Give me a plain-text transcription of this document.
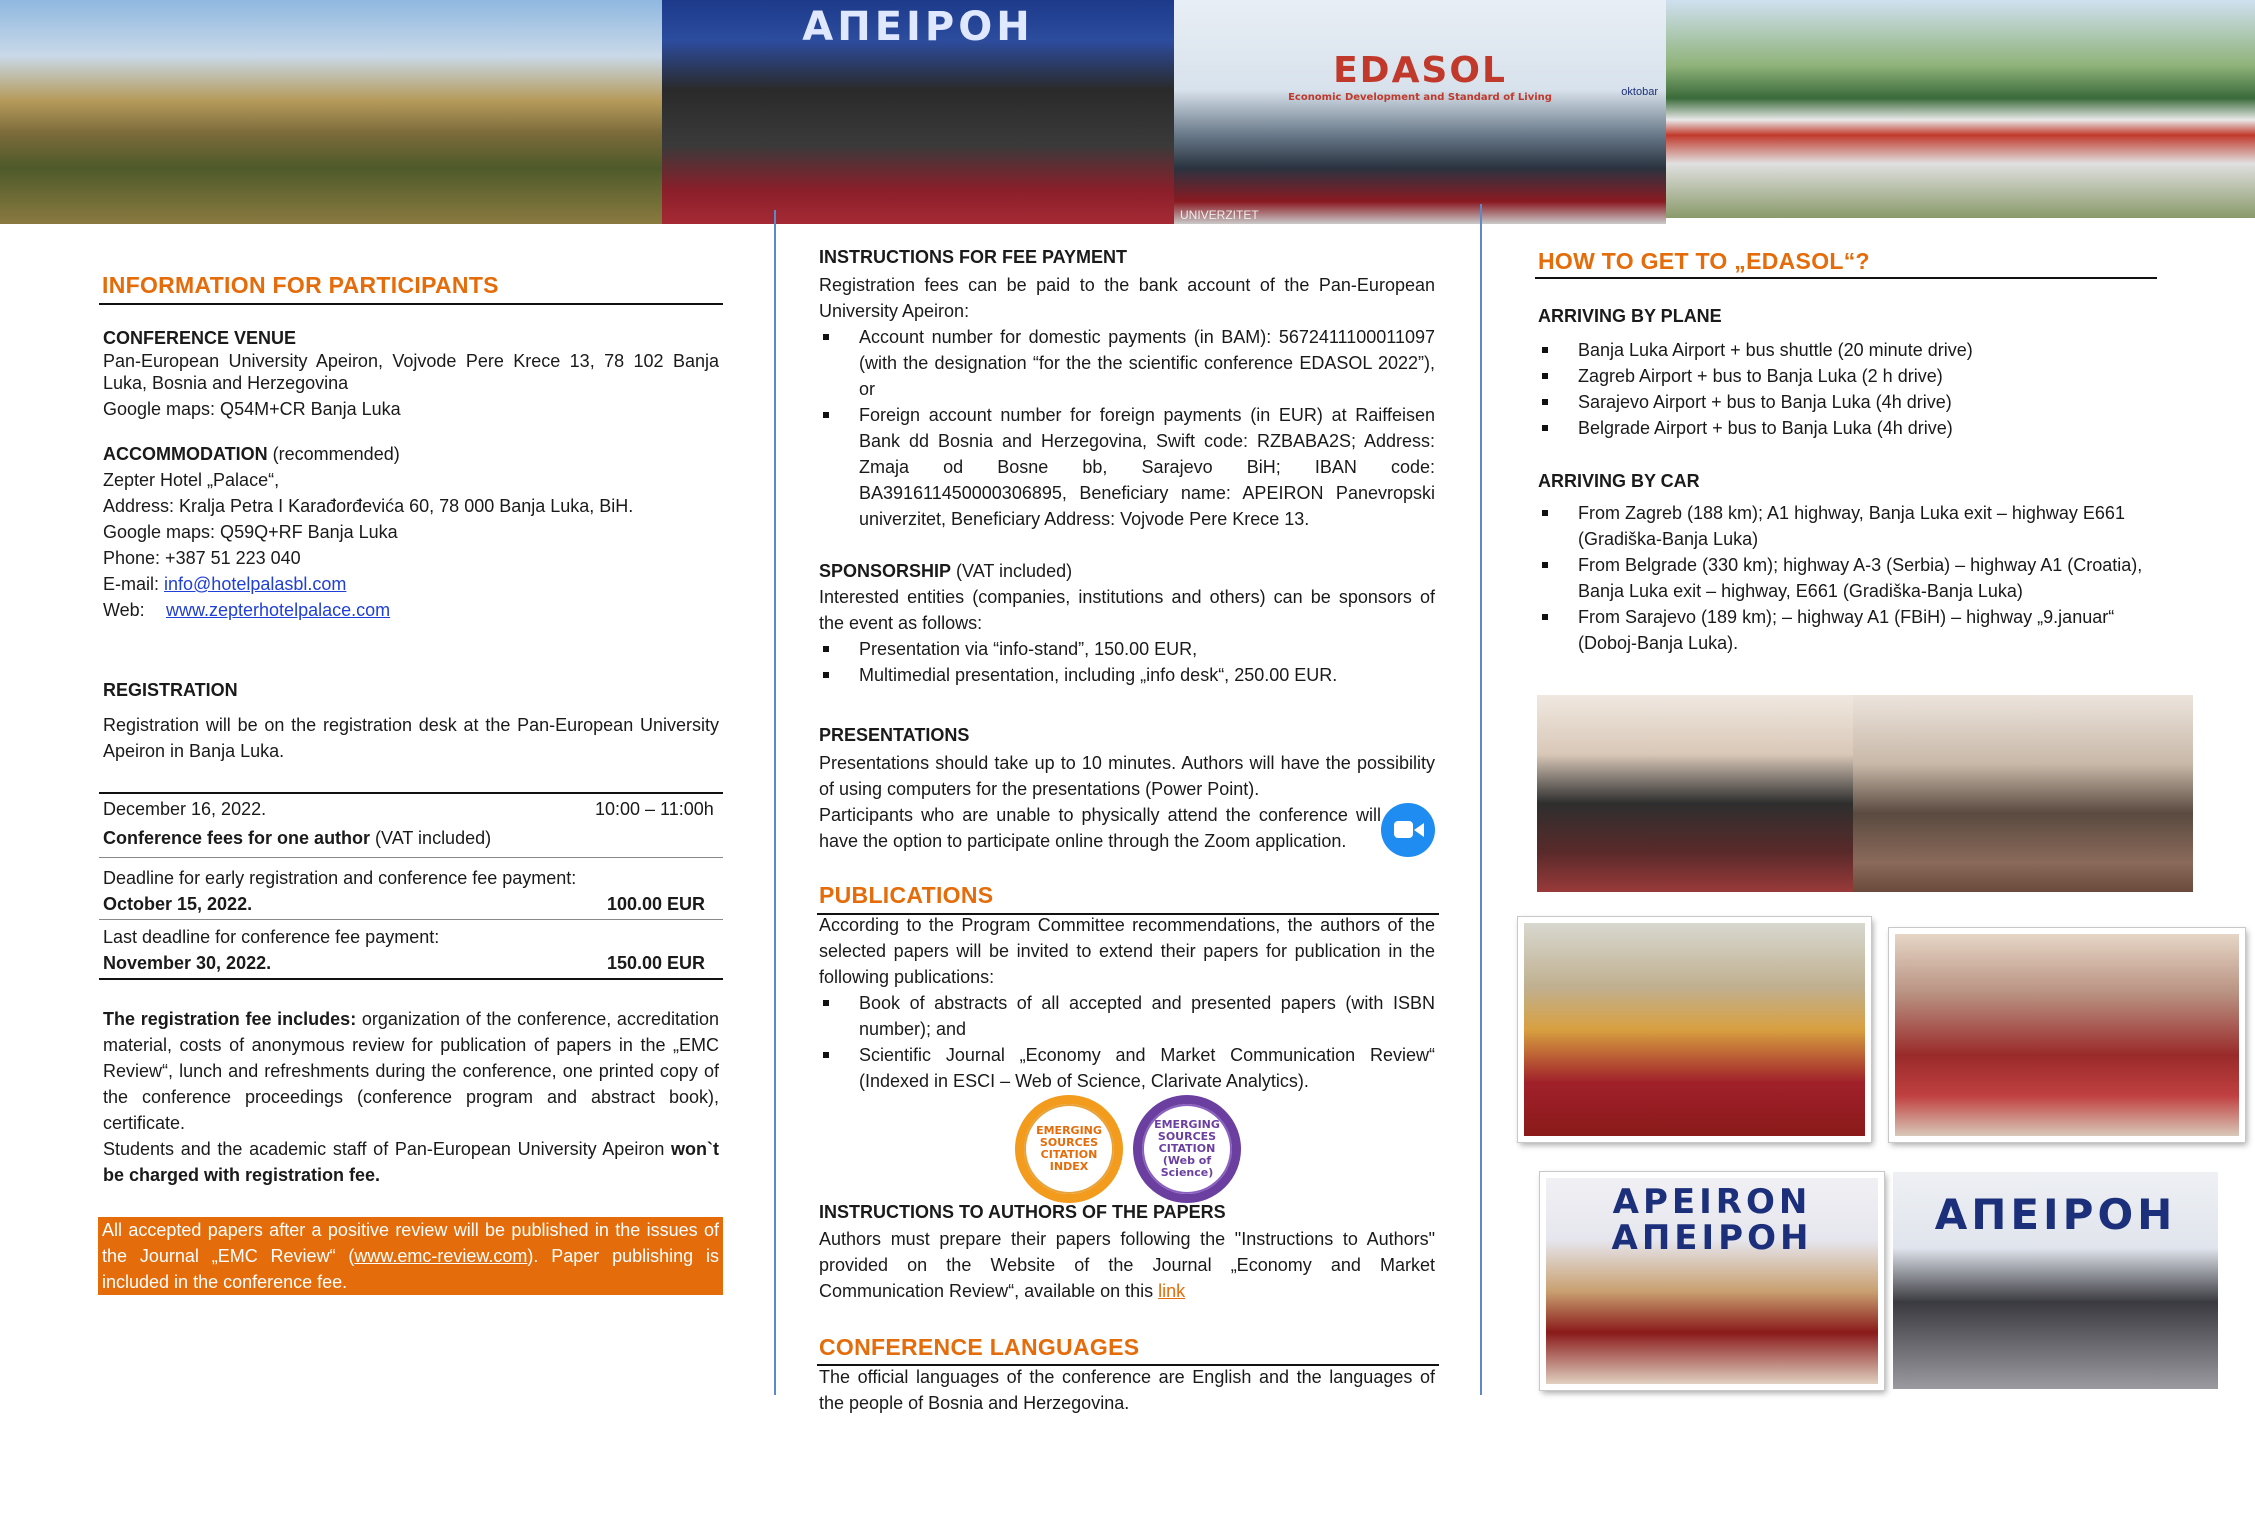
AΠΕΙΡΟΗ
EDASOL
Economic Development and Standard of Living	oktobar
UNIVERZITET
INFORMATION FOR PARTICIPANTS
CONFERENCE VENUE
Pan-European University Apeiron, Vojvode Pere Krece 13, 78 102 Banja Luka, Bosnia and Herzegovina
Google maps: Q54M+CR Banja Luka
ACCOMMODATION (recommended)
Zepter Hotel „Palace“,
Address: Kralja Petra I Karađorđevića 60, 78 000 Banja Luka, BiH.
Google maps: Q59Q+RF Banja Luka
Phone: +387 51 223 040
E-mail: info@hotelpalasbl.com
Web:www.zepterhotelpalace.com
REGISTRATION
Registration will be on the registration desk at the Pan-European University Apeiron in Banja Luka.
December 16, 2022.	10:00 – 11:00h
Conference fees for one author (VAT included)
Deadline for early registration and conference fee payment:
October 15, 2022.	100.00 EUR
Last deadline for conference fee payment:
November 30, 2022.	150.00 EUR
The registration fee includes: organization of the conference, accreditation material, costs of anonymous review for publication of papers in the „EMC Review“, lunch and refreshments during the conference, one printed copy of the conference proceedings (conference program and abstract book), certificate.
Students and the academic staff of Pan-European University Apeiron won`t be charged with registration fee.
All accepted papers after a positive review will be published in the issues of the Journal „EMC Review“ (www.emc-review.com). Paper publishing is included in the conference fee.
INSTRUCTIONS FOR FEE PAYMENT
Registration fees can be paid to the bank account of the Pan-European University Apeiron:
Account number for domestic payments (in BAM): 5672411100011097 (with the designation “for the the scientific conference EDASOL 2022”), or
Foreign account number for foreign payments (in EUR) at Raiffeisen Bank dd Bosnia and Herzegovina, Swift code: RZBABA2S; Address: Zmaja od Bosne bb, Sarajevo BiH; IBAN code: BA391611450000306895, Beneficiary name: APEIRON Panevropski univerzitet, Beneficiary Address: Vojvode Pere Krece 13.
SPONSORSHIP (VAT included)
Interested entities (companies, institutions and others) can be sponsors of the event as follows:
Presentation via “info-stand”, 150.00 EUR,
Multimedial presentation, including „info desk“, 250.00 EUR.
PRESENTATIONS
Presentations should take up to 10 minutes. Authors will have the possibility of using computers for the presentations (Power Point).
Participants who are unable to physically attend the conference will have the option to participate online through the Zoom application.
PUBLICATIONS
According to the Program Committee recommendations, the authors of the selected papers will be invited to extend their papers for publication in the following publications:
Book of abstracts of all accepted and presented papers (with ISBN number); and
Scientific Journal „Economy and Market Communication Review“ (Indexed in ESCI – Web of Science, Clarivate Analytics).
EMERGING SOURCES CITATION INDEX
EMERGING SOURCES CITATION (Web of Science)
INSTRUCTIONS TO AUTHORS OF THE PAPERS
Authors must prepare their papers following the "Instructions to Authors" provided on the Website of the Journal „Economy and Market Communication Review“, available on this link
CONFERENCE LANGUAGES
The official languages of the conference are English and the languages of the people of Bosnia and Herzegovina.
HOW TO GET TO „EDASOL“?
ARRIVING BY PLANE
Banja Luka Airport + bus shuttle (20 minute drive)
Zagreb Airport + bus to Banja Luka (2 h drive)
Sarajevo Airport + bus to Banja Luka (4h drive)
Belgrade Airport + bus to Banja Luka (4h drive)
ARRIVING BY CAR
From Zagreb (188 km); A1 highway, Banja Luka exit – highway E661 (Gradiška-Banja Luka)
From Belgrade (330 km); highway A-3 (Serbia) – highway A1 (Croatia), Banja Luka exit – highway, E661 (Gradiška-Banja Luka)
From Sarajevo (189 km); – highway A1 (FBiH) – highway „9.januar“ (Doboj-Banja Luka).
APEIRON
AΠΕΙΡΟΗ	AΠΕΙΡΟΗ
